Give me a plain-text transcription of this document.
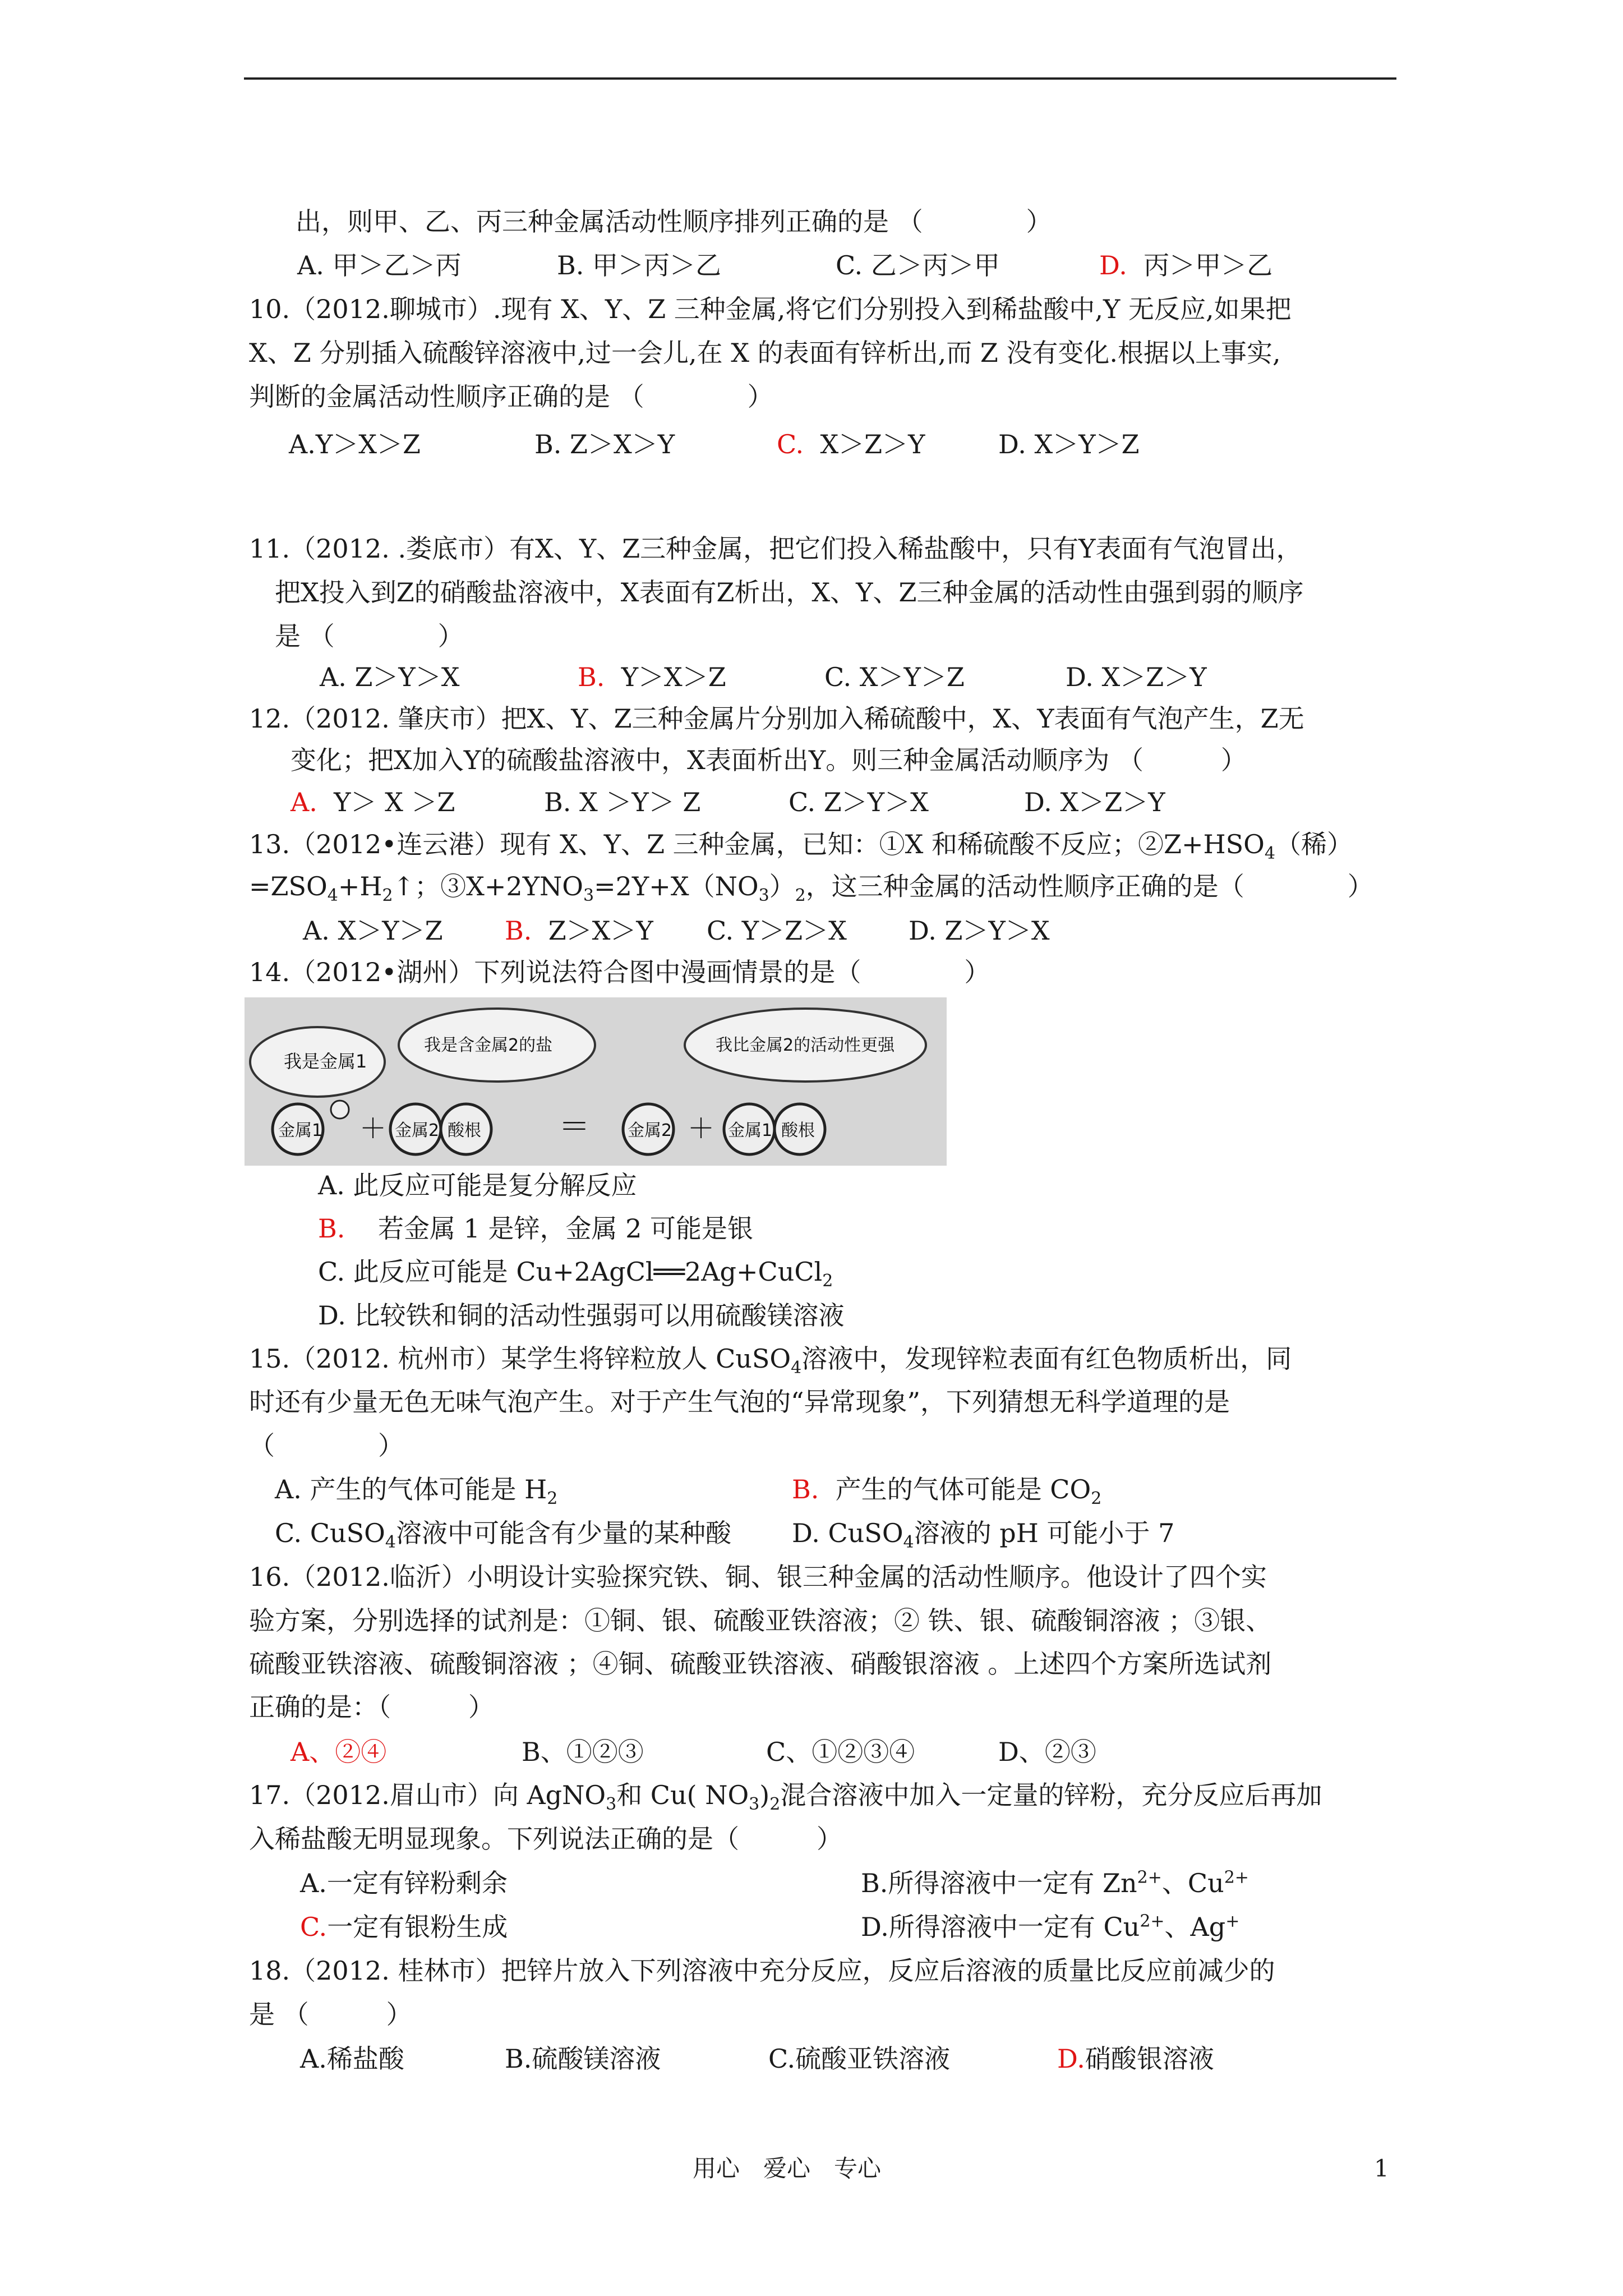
出，则甲、乙、丙三种金属活动性顺序排列正确的是 （　　　　）
A. 甲＞乙＞丙	B. 甲＞丙＞乙	C. 乙＞丙＞甲	D. 丙＞甲＞乙
10.（2012.聊城市）.现有 X、Y、Z 三种金属,将它们分别投入到稀盐酸中,Y 无反应,如果把
X、Z 分别插入硫酸锌溶液中,过一会儿,在 X 的表面有锌析出,而 Z 没有变化.根据以上事实,
判断的金属活动性顺序正确的是 （　　　　）
A.Y＞X＞Z	B. Z＞X＞Y	C. X＞Z＞Y	D. X＞Y＞Z
11.（2012. .娄底市）有X、Y、Z三种金属，把它们投入稀盐酸中，只有Y表面有气泡冒出，
把X投入到Z的硝酸盐溶液中，X表面有Z析出，X、Y、Z三种金属的活动性由强到弱的顺序
是 （　　　　）
A. Z＞Y＞X	B. Y＞X＞Z	C. X＞Y＞Z	D. X＞Z＞Y
12.（2012. 肇庆市）把X、Y、Z三种金属片分别加入稀硫酸中，X、Y表面有气泡产生，Z无
变化；把X加入Y的硫酸盐溶液中，X表面析出Y。则三种金属活动顺序为 （　　　）
A. Y＞ X ＞Z	B. X ＞Y＞ Z	C. Z＞Y＞X	D. X＞Z＞Y
13.（2012•连云港）现有 X、Y、Z 三种金属，已知：①X 和稀硫酸不反应；$②Z+HSO_4$（稀）
$=ZSO_4+H_2↑$；$③X+2YNO_3=2Y+X(NO_3)_2$，这三种金属的活动性顺序正确的是（　　　　）
A. X＞Y＞Z B. Z＞X＞Y C. Y＞Z＞X D. Z＞Y＞X
14.（2012•湖州）下列说法符合图中漫画情景的是（　　　　）
我是金属1
我是含金属2的盐	我比金属2的活动性更强
金属1 ＋ 金属2 酸根 ＝ 金属2 ＋ 金属1 酸根
A. 此反应可能是复分解反应
B. 若金属 1 是锌，金属 2 可能是银
C. 此反应可能是 Cu+2AgCl══2Ag+CuCl$_2$
D. 比较铁和铜的活动性强弱可以用硫酸镁溶液
15.（2012. 杭州市）某学生将锌粒放人 CuSO$_4$溶液中，发现锌粒表面有红色物质析出，同
时还有少量无色无味气泡产生。对于产生气泡的“异常现象”，下列猜想无科学道理的是
（　　　　）
A. 产生的气体可能是 $H_2$	B. 产生的气体可能是 $CO_2$
C. CuSO$_4$溶液中可能含有少量的某种酸 D. CuSO$_4$溶液的 pH 可能小于 7
16.（2012.临沂）小明设计实验探究铁、铜、银三种金属的活动性顺序。他设计了四个实
验方案，分别选择的试剂是：①铜、银、硫酸亚铁溶液；② 铁、银、硫酸铜溶液 ；③银、
硫酸亚铁溶液、硫酸铜溶液 ；④铜、硫酸亚铁溶液、硝酸银溶液 。上述四个方案所选试剂
正确的是：（　　　）
A、②④	B、①②③	C、①②③④	D、②③
17.（2012.眉山市）向 AgNO$_3$和 Cu( $NO_3)_2$混合溶液中加入一定量的锌粉，充分反应后再加
入稀盐酸无明显现象。下列说法正确的是（　　　）
A.一定有锌粉剩余	B.所得溶液中一定有 $Zn^{2+}$、$Cu^{2+}$
C.一定有银粉生成	D.所得溶液中一定有 $Cu^{2+}$、Ag+
18.（2012. 桂林市）把锌片放入下列溶液中充分反应，反应后溶液的质量比反应前减少的
是 （　　　）
A.稀盐酸	B.硫酸镁溶液	C.硫酸亚铁溶液	D.硝酸银溶液
用心　爱心　专心	1
